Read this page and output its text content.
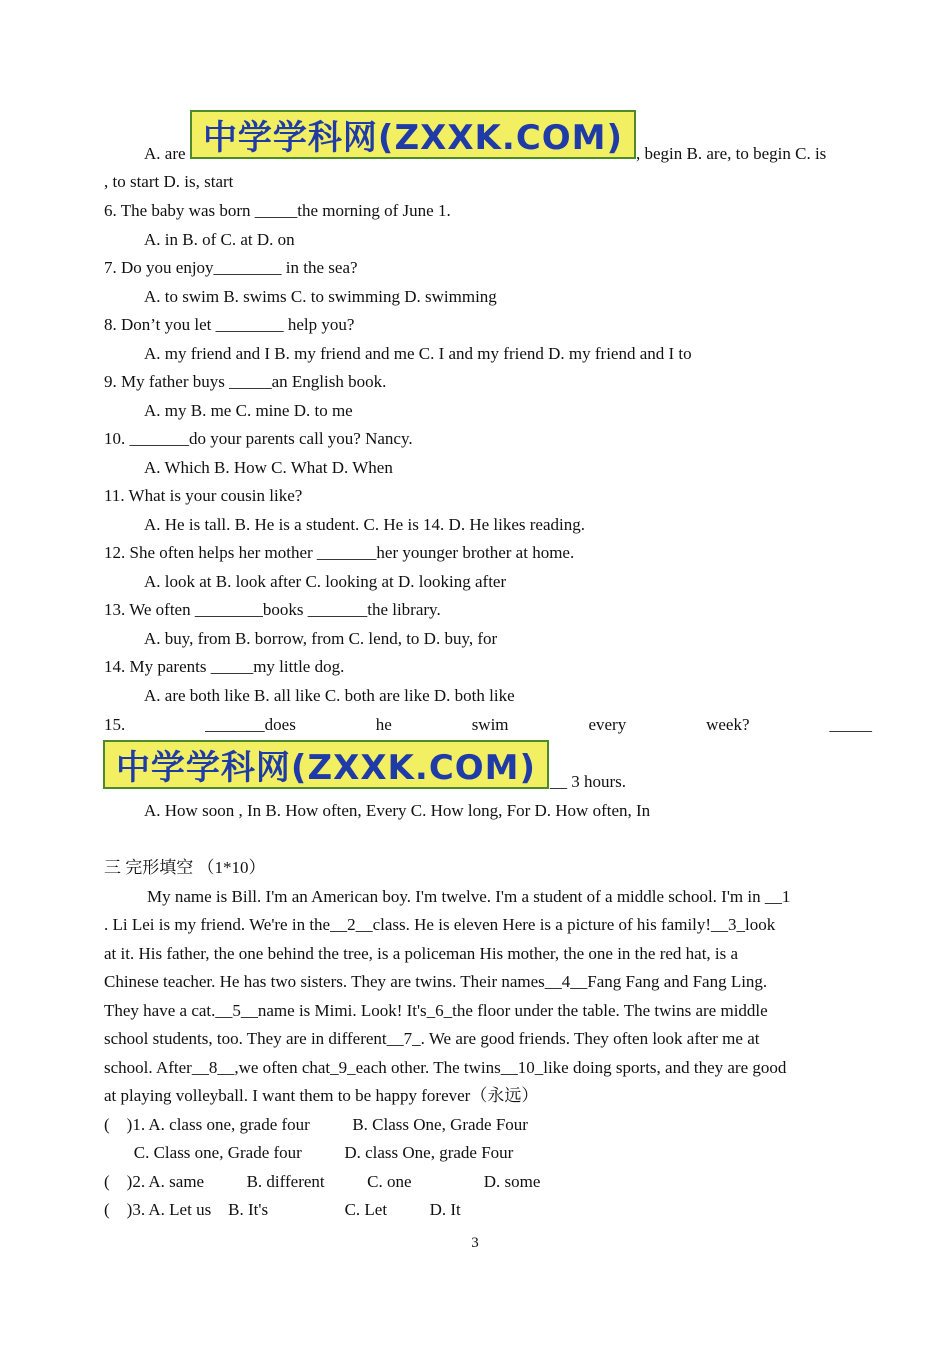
A. are	, begin B. are, to begin C. is
中学学科网(ZXXK.COM)
, to start D. is, start
6. The baby was born _____the morning of June 1.
A. in B. of C. at D. on
7. Do you enjoy________ in the sea?
A. to swim B. swims C. to swimming D. swimming
8. Don’t you let ________ help you?
A. my friend and I B. my friend and me C. I and my friend D. my friend and I to
9. My father buys _____an English book.
A. my B. me C. mine D. to me
10. _______do your parents call you? Nancy.
A. Which B. How C. What D. When
11. What is your cousin like?
A. He is tall. B. He is a student. C. He is 14. D. He likes reading.
12. She often helps her mother _______her younger brother at home.
A. look at B. look after C. looking at D. looking after
13. We often ________books _______the library.
A. buy, from B. borrow, from C. lend, to D. buy, for
14. My parents _____my little dog.
A. are both like B. all like C. both are like D. both like
15.	_______does	he	swim	every	week?	_____
中学学科网(ZXXK.COM) __ 3 hours.
A. How soon , In B. How often, Every C. How long, For D. How often, In
三 完形填空 （1*10）
My name is Bill. I'm an American boy. I'm twelve. I'm a student of a middle school. I'm in __1
. Li Lei is my friend. We're in the__2__class. He is eleven Here is a picture of his family!__3_look
at it. His father, the one behind the tree, is a policeman His mother, the one in the red hat, is a
Chinese teacher. He has two sisters. They are twins. Their names__4__Fang Fang and Fang Ling.
They have a cat.__5__name is Mimi. Look! It's_6_the floor under the table. The twins are middle
school students, too. They are in different__7_. We are good friends. They often look after me at
school. After__8__,we often chat_9_each other. The twins__10_like doing sports, and they are good
at playing volleyball. I want them to be happy forever（永远）
(    )1. A. class one, grade four          B. Class One, Grade Four
C. Class one, Grade four          D. class One, grade Four
(    )2. A. same          B. different          C. one                 D. some
(    )3. A. Let us    B. It's                  C. Let          D. It
3
